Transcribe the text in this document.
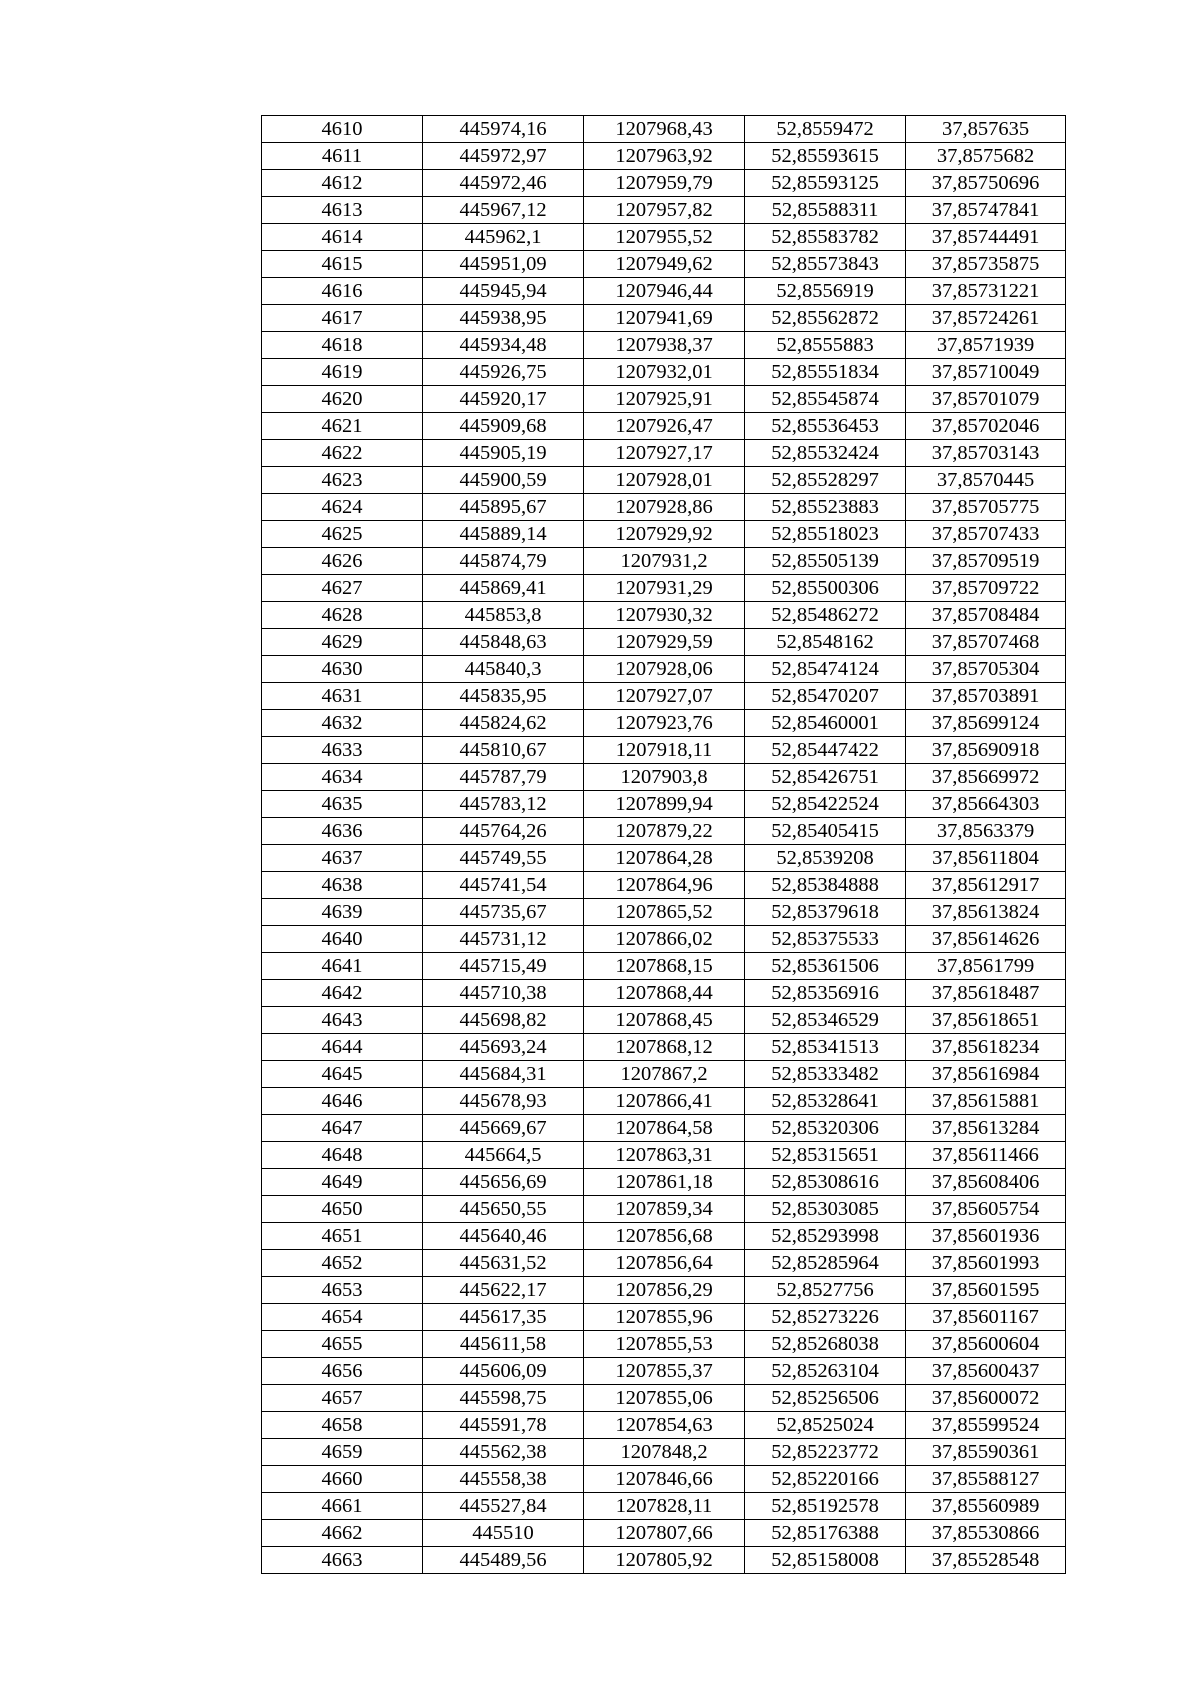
4610	445974,16	1207968,43	52,8559472	37,857635
4611	445972,97	1207963,92	52,85593615	37,8575682
4612	445972,46	1207959,79	52,85593125	37,85750696
4613	445967,12	1207957,82	52,85588311	37,85747841
4614	445962,1	1207955,52	52,85583782	37,85744491
4615	445951,09	1207949,62	52,85573843	37,85735875
4616	445945,94	1207946,44	52,8556919	37,85731221
4617	445938,95	1207941,69	52,85562872	37,85724261
4618	445934,48	1207938,37	52,8555883	37,8571939
4619	445926,75	1207932,01	52,85551834	37,85710049
4620	445920,17	1207925,91	52,85545874	37,85701079
4621	445909,68	1207926,47	52,85536453	37,85702046
4622	445905,19	1207927,17	52,85532424	37,85703143
4623	445900,59	1207928,01	52,85528297	37,8570445
4624	445895,67	1207928,86	52,85523883	37,85705775
4625	445889,14	1207929,92	52,85518023	37,85707433
4626	445874,79	1207931,2	52,85505139	37,85709519
4627	445869,41	1207931,29	52,85500306	37,85709722
4628	445853,8	1207930,32	52,85486272	37,85708484
4629	445848,63	1207929,59	52,8548162	37,85707468
4630	445840,3	1207928,06	52,85474124	37,85705304
4631	445835,95	1207927,07	52,85470207	37,85703891
4632	445824,62	1207923,76	52,85460001	37,85699124
4633	445810,67	1207918,11	52,85447422	37,85690918
4634	445787,79	1207903,8	52,85426751	37,85669972
4635	445783,12	1207899,94	52,85422524	37,85664303
4636	445764,26	1207879,22	52,85405415	37,8563379
4637	445749,55	1207864,28	52,8539208	37,85611804
4638	445741,54	1207864,96	52,85384888	37,85612917
4639	445735,67	1207865,52	52,85379618	37,85613824
4640	445731,12	1207866,02	52,85375533	37,85614626
4641	445715,49	1207868,15	52,85361506	37,8561799
4642	445710,38	1207868,44	52,85356916	37,85618487
4643	445698,82	1207868,45	52,85346529	37,85618651
4644	445693,24	1207868,12	52,85341513	37,85618234
4645	445684,31	1207867,2	52,85333482	37,85616984
4646	445678,93	1207866,41	52,85328641	37,85615881
4647	445669,67	1207864,58	52,85320306	37,85613284
4648	445664,5	1207863,31	52,85315651	37,85611466
4649	445656,69	1207861,18	52,85308616	37,85608406
4650	445650,55	1207859,34	52,85303085	37,85605754
4651	445640,46	1207856,68	52,85293998	37,85601936
4652	445631,52	1207856,64	52,85285964	37,85601993
4653	445622,17	1207856,29	52,8527756	37,85601595
4654	445617,35	1207855,96	52,85273226	37,85601167
4655	445611,58	1207855,53	52,85268038	37,85600604
4656	445606,09	1207855,37	52,85263104	37,85600437
4657	445598,75	1207855,06	52,85256506	37,85600072
4658	445591,78	1207854,63	52,8525024	37,85599524
4659	445562,38	1207848,2	52,85223772	37,85590361
4660	445558,38	1207846,66	52,85220166	37,85588127
4661	445527,84	1207828,11	52,85192578	37,85560989
4662	445510	1207807,66	52,85176388	37,85530866
4663	445489,56	1207805,92	52,85158008	37,85528548
